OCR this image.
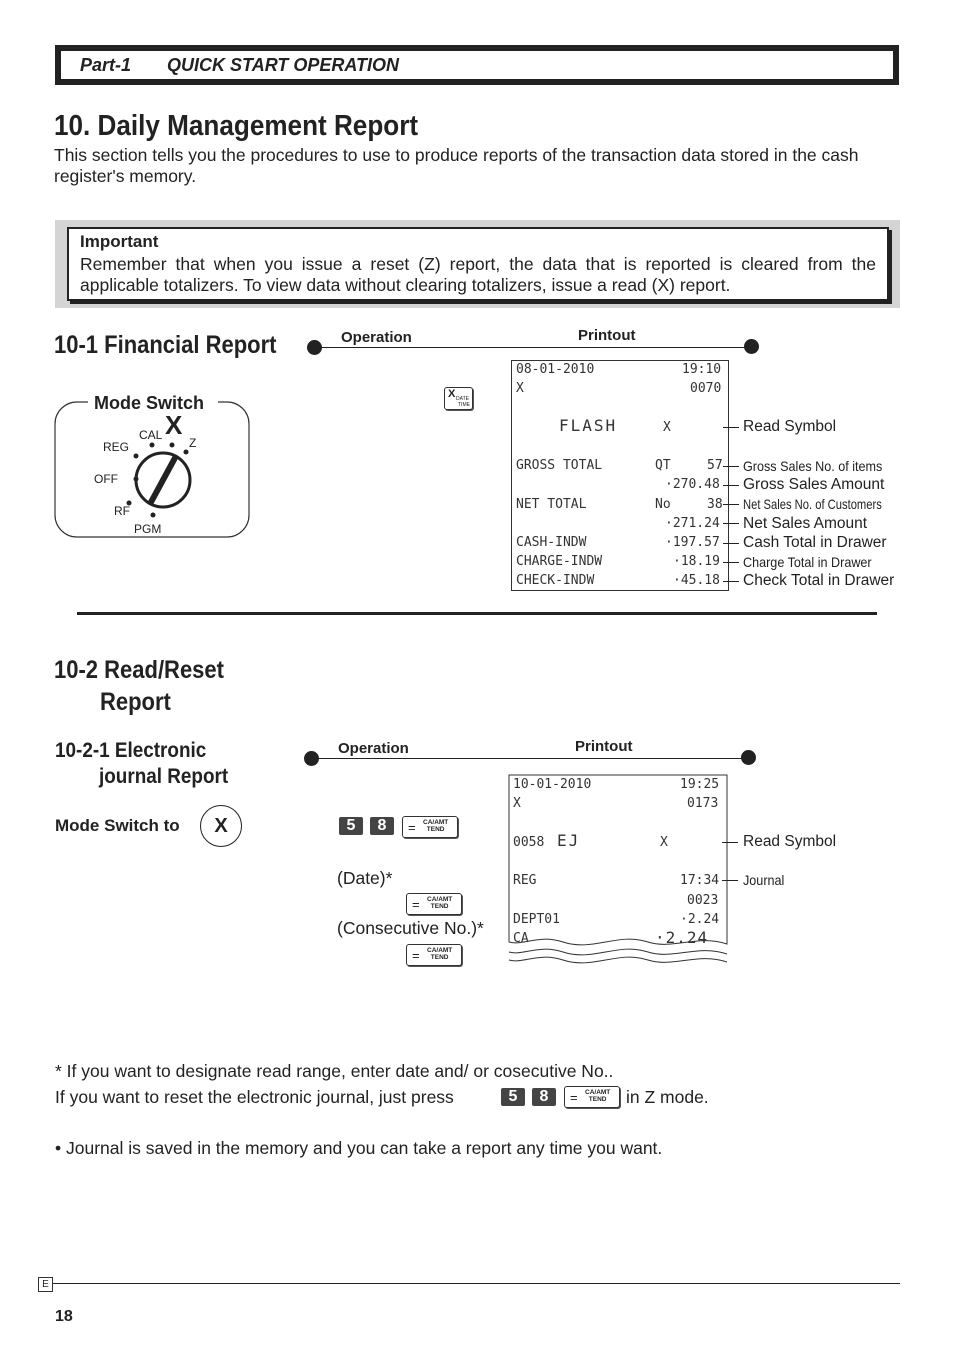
Part-1 QUICK START OPERATION
10. Daily Management Report
This section tells you the procedures to use to produce reports of the transaction data stored in the cash register's memory.
Important
Remember that when you issue a reset (Z) report, the data that is reported is cleared from the applicable totalizers. To view data without clearing totalizers, issue a read (X) report.
10-1 Financial Report	Operation	Printout
Mode Switch
CAL X
Z
REG
OFF
RF
PGM
X DATE
TIME
08-01-2010	19:10
X	0070
FLASH	X
GROSS TOTAL	QT	57
·270.48
NET TOTAL	No	38
·271.24
CASH-INDW	·197.57
CHARGE-INDW	·18.19
CHECK-INDW	·45.18
Read Symbol
Gross Sales No. of items
Gross Sales Amount
Net Sales No. of Customers
Net Sales Amount
Cash Total in Drawer
Charge Total in Drawer
Check Total in Drawer
10-2 Read/Reset
Report
10-2-1 Electronic
journal Report
Mode Switch to	X
Operation	Printout
5	8	= CA/AMT
TEND
(Date)*
= CA/AMT
TEND
(Consecutive No.)*
= CA/AMT
TEND
10-01-2010	19:25
X	0173
0058 EJ	X
REG	17:34
0023
DEPT01	·2.24
CA	·2.24
Read Symbol
Journal
* If you want to designate read range, enter date and/ or cosecutive No..
If you want to reset the electronic journal, just press	5	8	= CA/AMT
TEND in Z mode.
• Journal is saved in the memory and you can take a report any time you want.
E
18
